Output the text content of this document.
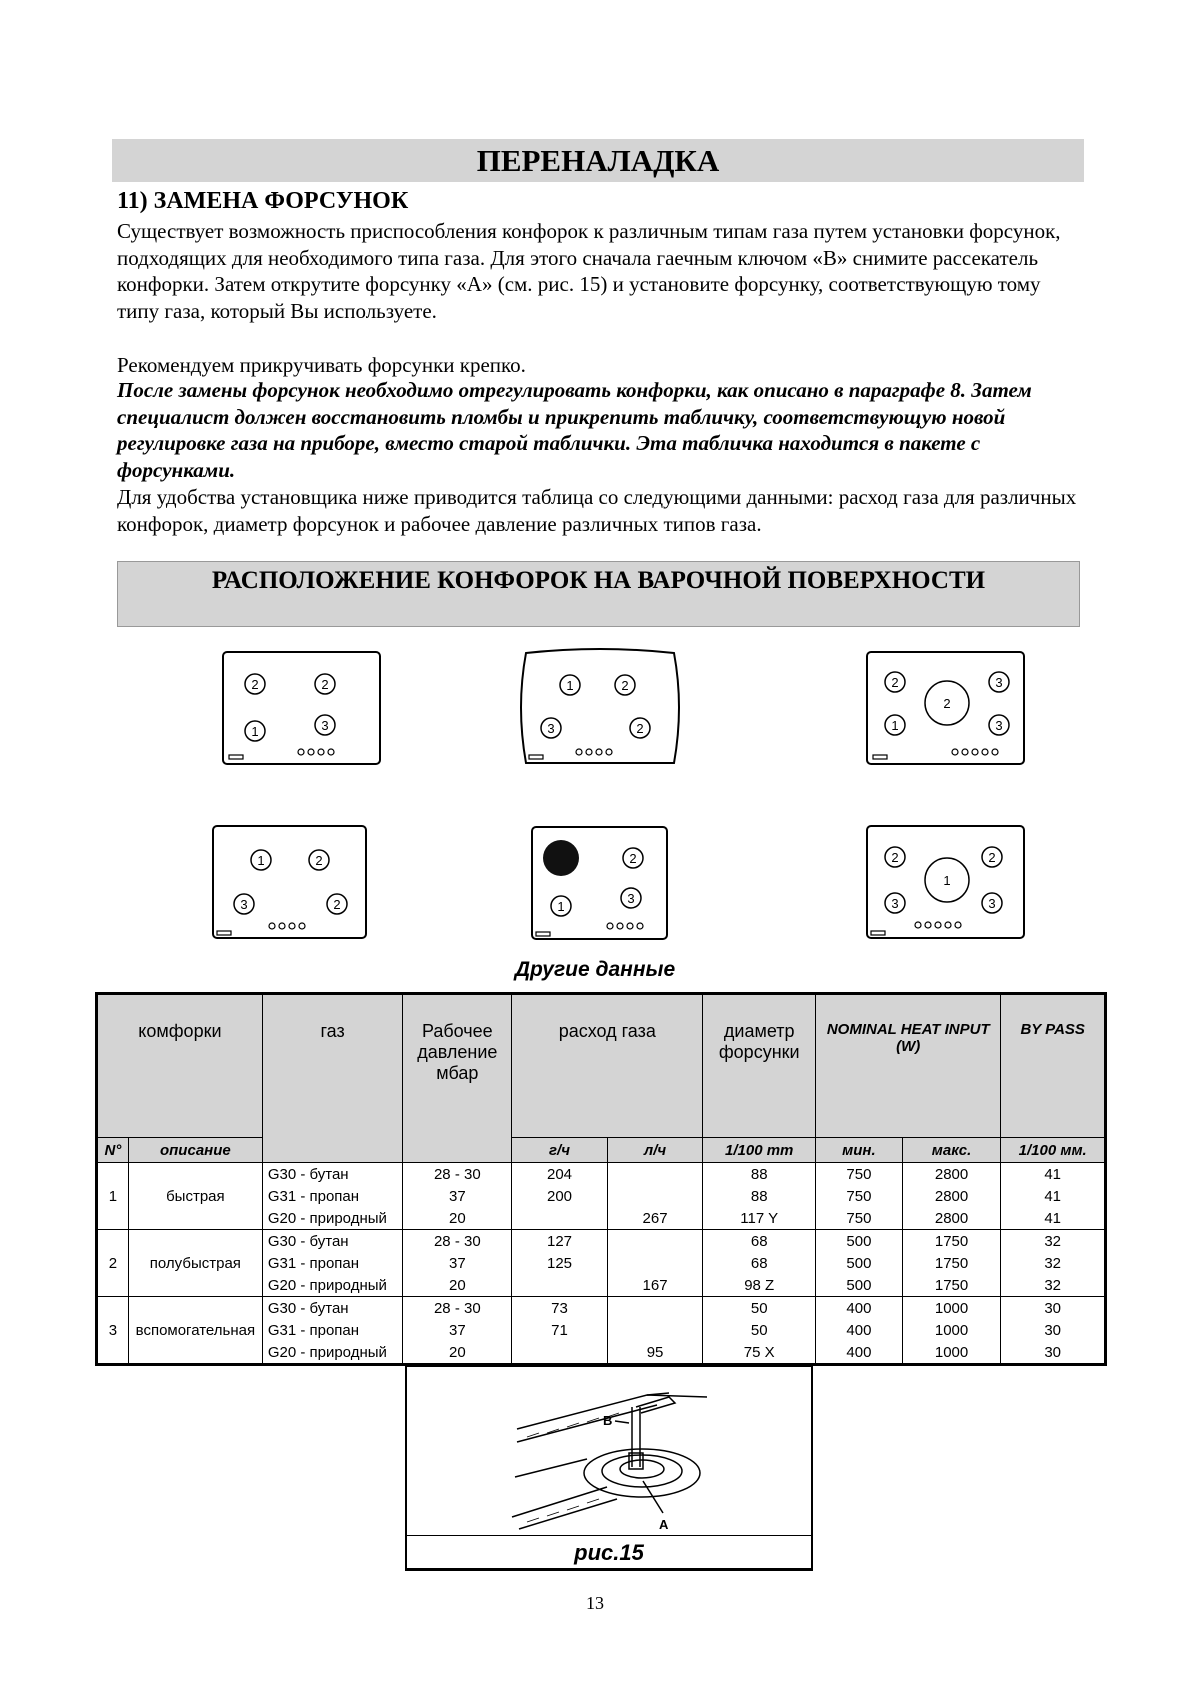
ПЕРЕНАЛАДКА
11) ЗАМЕНА ФОРСУНОК
Существует возможность приспособления конфорок к различным типам газа путем установки форсунок, подходящих для необходимого типа газа. Для этого сначала гаечным ключом «B» снимите рассекатель конфорки. Затем открутите форсунку «A» (см. рис. 15) и установите форсунку, соответствующую тому типу газа, который Вы используете.
Рекомендуем прикручивать форсунки крепко.
После замены форсунок необходимо отрегулировать конфорки, как описано в параграфе 8. Затем специалист должен восстановить пломбы и прикрепить табличку, соответствующую новой регулировке газа на приборе, вместо старой таблички. Эта табличка находится в пакете с форсунками.
Для удобства установщика ниже приводится таблица со следующими данными: расход газа для различных конфорок, диаметр форсунок и рабочее давление различных типов газа.
РАСПОЛОЖЕНИЕ КОНФОРОК НА ВАРОЧНОЙ ПОВЕРХНОСТИ
2	2
1	3
1	2
3	2
2
2
3
1	3
1	2
3	2
2
1
3
2
1
2
3	3
Другие данные
комфорки		газ	Рабочее давление мбар	расход газа		диаметр форсунки	NOMINAL HEAT INPUT (W)		BY PASS
N°	описание			г/ч	л/ч	1/100 mm	мин.	макс.	1/100 мм.
1	быстрая	G30 - бутан	28 - 30	204		88	750	2800	41
		G31 - пропан	37	200		88	750	2800	41
		G20 - природный	20		267	117 Y	750	2800	41
2	полубыстрая	G30 - бутан	28 - 30	127		68	500	1750	32
		G31 - пропан	37	125		68	500	1750	32
		G20 - природный	20		167	98 Z	500	1750	32
3	вспомогательная	G30 - бутан	28 - 30	73		50	400	1000	30
		G31 - пропан	37	71		50	400	1000	30
		G20 - природный	20		95	75 X	400	1000	30
B
A
рис.15
13
